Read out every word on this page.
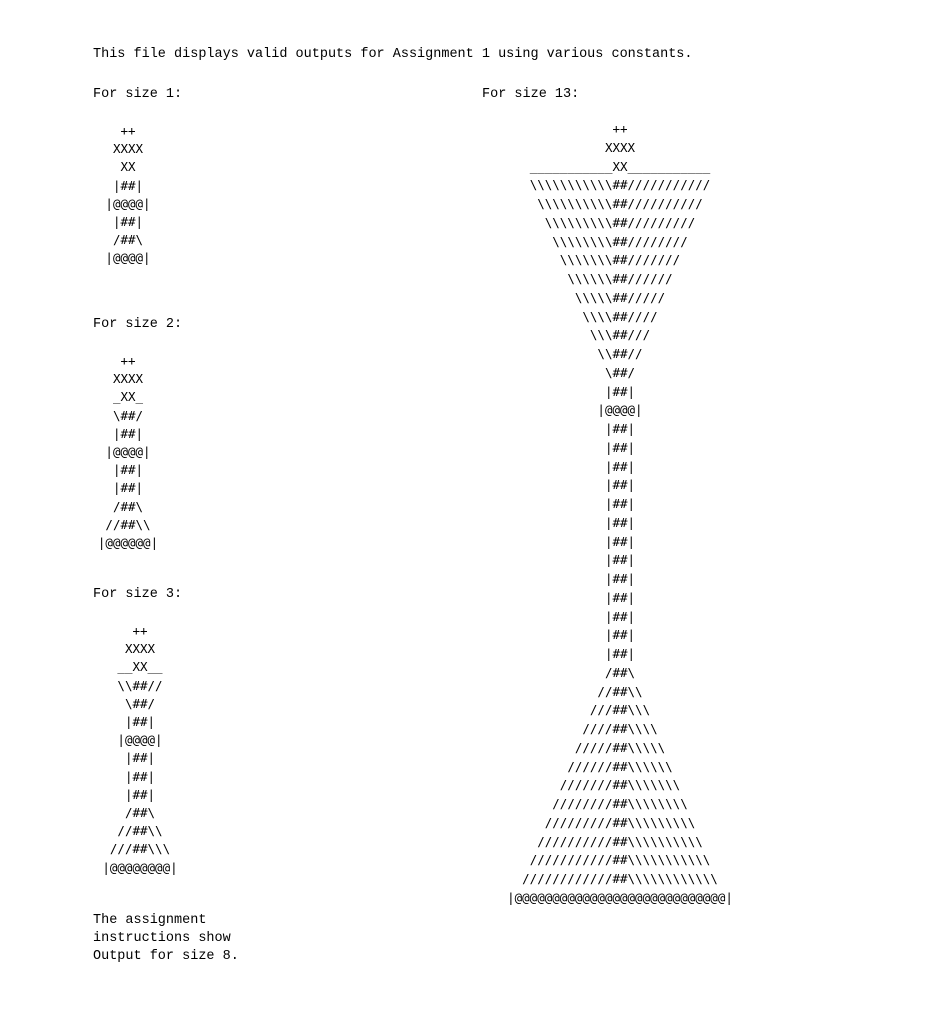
This file displays valid outputs for Assignment 1 using various constants.
For size 1:
++
XXXX
XX
|##|
|@@@@|
|##|
/##\
|@@@@|
For size 2:
++
XXXX
_XX_
\##/
|##|
|@@@@|
|##|
|##|
/##\
//##\\
|@@@@@@|
For size 3:
++
XXXX
__XX__
\\##//
\##/
|##|
|@@@@|
|##|
|##|
|##|
/##\
//##\\
///##\\\
|@@@@@@@@|
The assignment
instructions show
Output for size 8.
For size 13:
++
XXXX
___________XX___________
\\\\\\\\\\\##///////////
\\\\\\\\\\##//////////
\\\\\\\\\##/////////
\\\\\\\\##////////
\\\\\\\##///////
\\\\\\##//////
\\\\\##/////
\\\\##////
\\\##///
\\##//
\##/
|##|
|@@@@|
|##|
|##|
|##|
|##|
|##|
|##|
|##|
|##|
|##|
|##|
|##|
|##|
|##|
/##\
//##\\
///##\\\
////##\\\\
/////##\\\\\
//////##\\\\\\
///////##\\\\\\\
////////##\\\\\\\\
/////////##\\\\\\\\\
//////////##\\\\\\\\\\
///////////##\\\\\\\\\\\
////////////##\\\\\\\\\\\\
|@@@@@@@@@@@@@@@@@@@@@@@@@@@@|
